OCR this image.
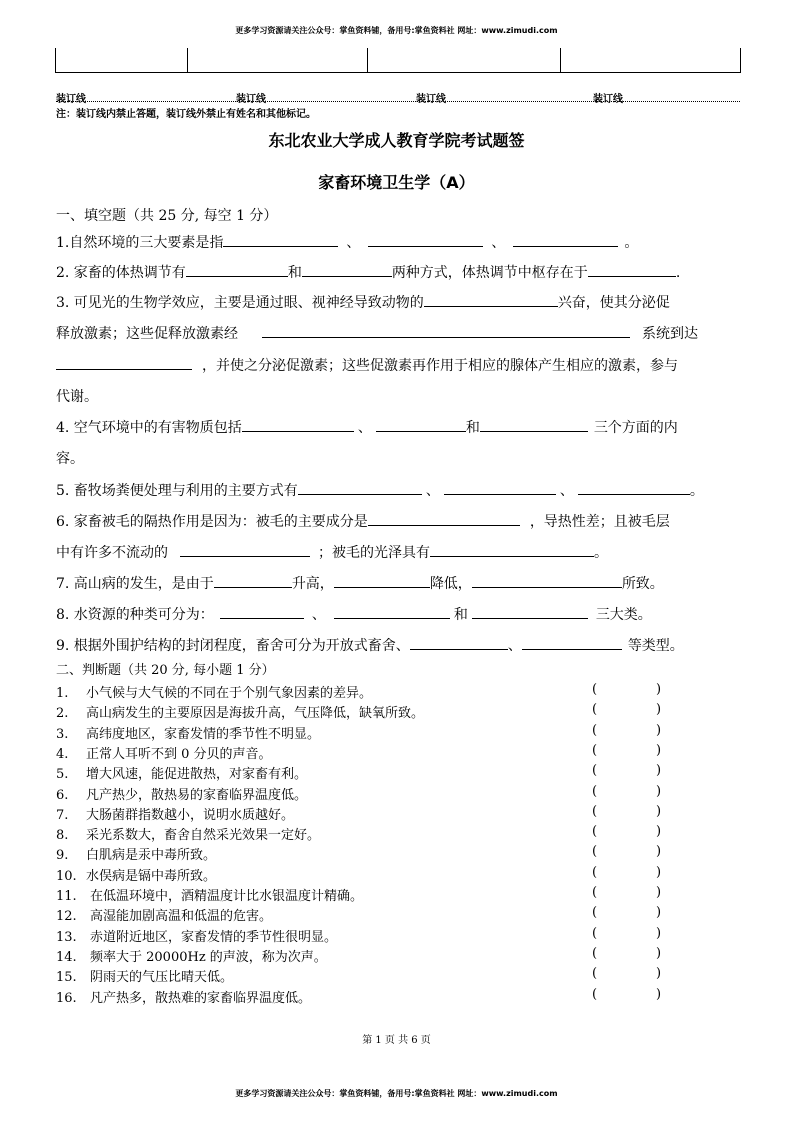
更多学习资源请关注公众号：掌鱼资料铺，备用号:掌鱼资料社 网址：www.zimudi.com
装订线	装订线	装订线	装订线
注：装订线内禁止答题，装订线外禁止有姓名和其他标记。
东北农业大学成人教育学院考试题签
家畜环境卫生学（A）
一、填空题（共 25 分, 每空 1 分）
1.自然环境的三大要素是指	、	、	。
2. 家畜的体热调节有	和	两种方式，体热调节中枢存在于	.
3. 可见光的生物学效应，主要是通过眼、视神经导致动物的	兴奋，使其分泌促
释放激素；这些促释放激素经	系统到达
，并使之分泌促激素；这些促激素再作用于相应的腺体产生相应的激素，参与
代谢。
4. 空气环境中的有害物质包括	、	和	三个方面的内
容。
5. 畜牧场粪便处理与利用的主要方式有	、	、	。
6. 家畜被毛的隔热作用是因为：被毛的主要成分是	，导热性差；且被毛层
中有许多不流动的	；被毛的光泽具有	。
7. 高山病的发生，是由于	升高，	降低，	所致。
8. 水资源的种类可分为：	、	和	三大类。
9. 根据外围护结构的封闭程度，畜舍可分为开放式畜舍、	、	等类型。
二、判断题（共 20 分, 每小题 1 分）
1. 小气候与大气候的不同在于个别气象因素的差异。	(	)
2. 高山病发生的主要原因是海拔升高，气压降低，缺氧所致。	(	)
3. 高纬度地区，家畜发情的季节性不明显。	(	)
4. 正常人耳听不到 0 分贝的声音。	(	)
5. 增大风速，能促进散热，对家畜有利。	(	)
6. 凡产热少，散热易的家畜临界温度低。	(	)
7. 大肠菌群指数越小，说明水质越好。	(	)
8. 采光系数大，畜舍自然采光效果一定好。	(	)
9. 白肌病是汞中毒所致。	(	)
10. 水俣病是镉中毒所致。	(	)
11. 在低温环境中，酒精温度计比水银温度计精确。	(	)
12. 高湿能加剧高温和低温的危害。	(	)
13. 赤道附近地区，家畜发情的季节性很明显。	(	)
14. 频率大于 20000Hz 的声波，称为次声。	(	)
15. 阴雨天的气压比晴天低。	(	)
16. 凡产热多，散热难的家畜临界温度低。	(	)
第 1 页 共 6 页
更多学习资源请关注公众号：掌鱼资料铺，备用号:掌鱼资料社 网址：www.zimudi.com
